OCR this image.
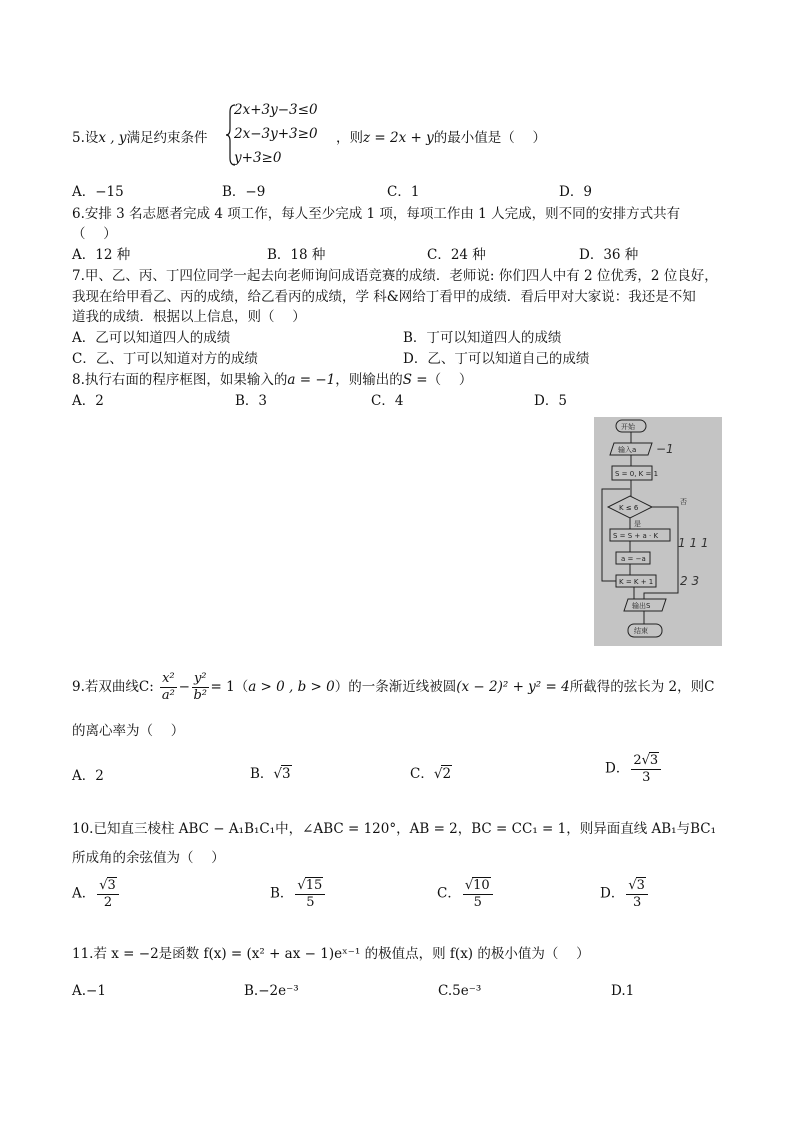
5.设x , y满足约束条件
2x+3y−3≤0
2x−3y+3≥0
y+3≥0
，则z = 2x + y的最小值是（　 ）
A．−15	B．−9	C．1	D．9
6.安排 3 名志愿者完成 4 项工作，每人至少完成 1 项，每项工作由 1 人完成，则不同的安排方式共有
（　 ）
A．12 种	B．18 种	C．24 种	D．36 种
7.甲、乙、丙、丁四位同学一起去向老师询问成语竞赛的成绩．老师说: 你们四人中有 2 位优秀，2 位良好，
我现在给甲看乙、丙的成绩，给乙看丙的成绩，学 科&网给丁看甲的成绩．看后甲对大家说：我还是不知
道我的成绩．根据以上信息，则（　 ）
A．乙可以知道四人的成绩	B．丁可以知道四人的成绩
C．乙、丁可以知道对方的成绩	D．乙、丁可以知道自己的成绩
8.执行右面的程序框图，如果输入的a = −1，则输出的S =（　 ）
A．2	B．3	C．4	D．5
开始
输入a
S = 0, K = 1
K ≤ 6
否
是
S = S + a · K
a = −a
K = K + 1
输出S
结束
−1
1 1 1
2 3
9.若双曲线C: $\frac{\text{x²}}{\text{a²}} - \frac{\text{y²}}{\text{b²}} = 1(a > 0$ , b > 0）的一条渐近线被圆(x − 2)² + y² = 4所截得的弦长为 2，则C
的离心率为（　 ）
A．2	B．√3	C．√2	D． $\frac{2√3}{3}$
10.已知直三棱柱 ABC − A₁B₁C₁中，∠ABC = 120°，AB = 2，BC = CC₁ = 1，则异面直线 AB₁与BC₁
所成角的余弦值为（　 ）
A． $\frac{√3}{2}$	B． $\frac{√15}{5}$	C． $\frac{√10}{5}$	D． $\frac{√3}{3}$
11.若 x = −2是函数 f(x) = (x² + ax − 1)eˣ⁻¹ 的极值点，则 f(x) 的极小值为（　 ）
A.−1	B.−2e⁻³	C.5e⁻³	D.1
